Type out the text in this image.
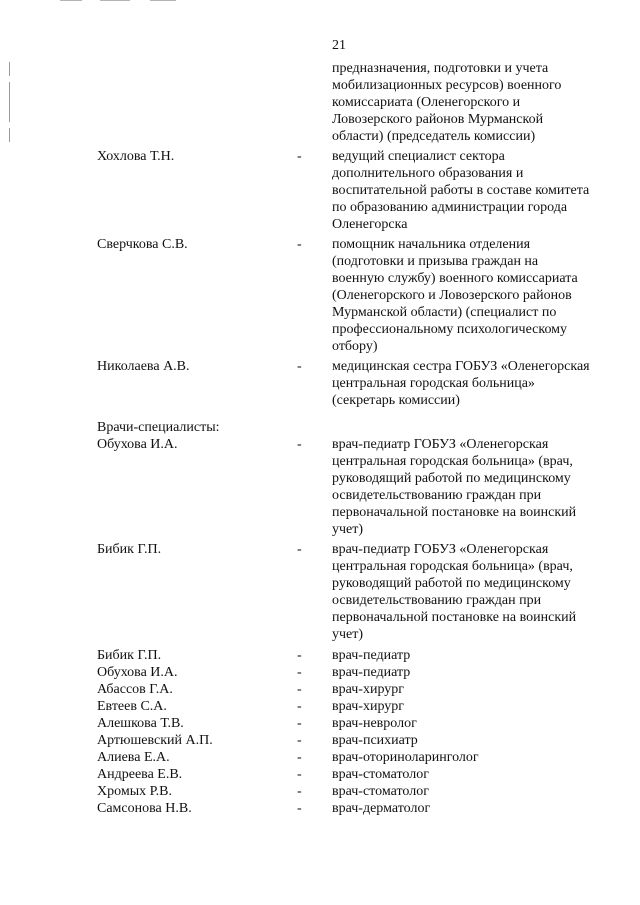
21
предназначения, подготовки и учета
мобилизационных ресурсов) военного
комиссариата (Оленегорского и
Ловозерского районов Мурманской
области) (председатель комиссии)
Хохлова Т.Н.	- ведущий специалист сектора
дополнительного образования и
воспитательной работы в составе комитета
по образованию администрации города
Оленегорска
Сверчкова С.В.	- помощник начальника отделения
(подготовки и призыва граждан на
военную службу) военного комиссариата
(Оленегорского и Ловозерского районов
Мурманской области) (специалист по
профессиональному психологическому
отбору)
Николаева А.В.	- медицинская сестра ГОБУЗ «Оленегорская
центральная городская больница»
(секретарь комиссии)
Врачи-специалисты:
Обухова И.А.	- врач-педиатр ГОБУЗ «Оленегорская
центральная городская больница» (врач,
руководящий работой по медицинскому
освидетельствованию граждан при
первоначальной постановке на воинский
учет)
Бибик Г.П.	- врач-педиатр ГОБУЗ «Оленегорская
центральная городская больница» (врач,
руководящий работой по медицинскому
освидетельствованию граждан при
первоначальной постановке на воинский
учет)
Бибик Г.П.	- врач-педиатр
Обухова И.А.	- врач-педиатр
Абассов Г.А.	- врач-хирург
Евтеев С.А.	- врач-хирург
Алешкова Т.В.	- врач-невролог
Артюшевский А.П.	- врач-психиатр
Алиева Е.А.	- врач-оториноларинголог
Андреева Е.В.	- врач-стоматолог
Хромых Р.В.	- врач-стоматолог
Самсонова Н.В.	- врач-дерматолог
